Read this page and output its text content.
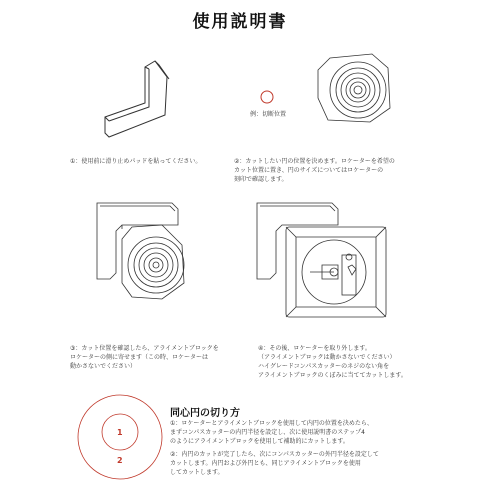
使用説明書
例：切断位置
①：使用前に滑り止めパッドを貼ってください。	②：カットしたい円の位置を決めます。ロケーターを希望の
カット位置に置き、円のサイズについてはロケーターの
刻印で確認します。
③：カット位置を確認したら、アライメントブロックを
ロケーターの側に寄せます（この時、ロケーターは
動かさないでください）
④：その後、ロケーターを取り外します。
（アライメントブロックは動かさないでください）
ハイグレードコンパスカッターのネジのない角を
アライメントブロックのくぼみに当ててカットします。
1
2
同心円の切り方
①：ロケーターとアライメントブロックを使用して内円の位置を決めたら、
まずコンパスカッターの内円半径を設定し、次に使用説明書のステップ4
のようにアライメントブロックを使用して補助的にカットします。
②：内円のカットが完了したら、次にコンパスカッターの外円半径を設定して
カットします。内円および外円とも、同じアライメントブロックを使用
してカットします。
